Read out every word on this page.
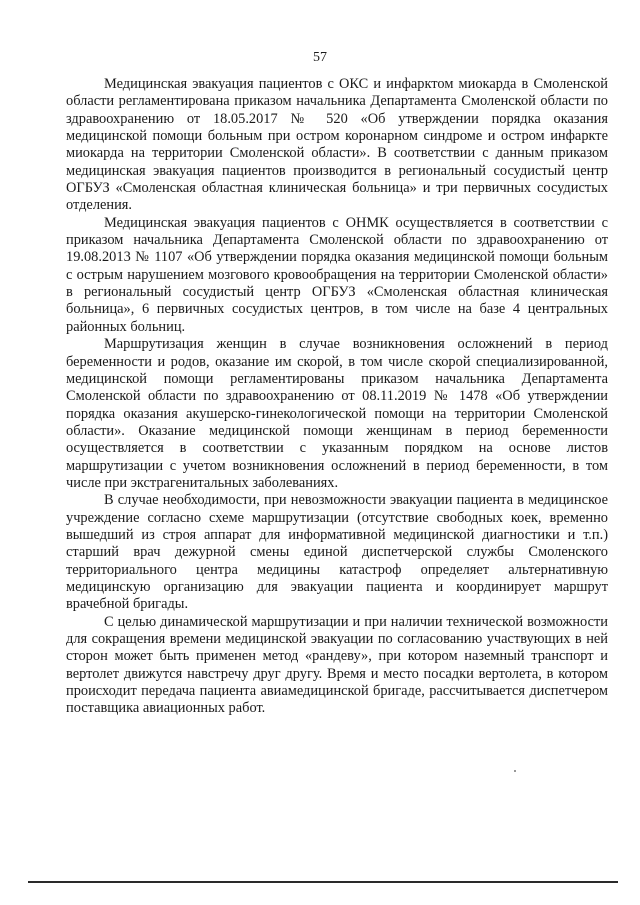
57

Медицинская эвакуация пациентов с ОКС и инфарктом миокарда в Смоленской области регламентирована приказом начальника Департамента Смоленской области по здравоохранению от 18.05.2017 № 520 «Об утверждении порядка оказания медицинской помощи больным при остром коронарном синдроме и остром инфаркте миокарда на территории Смоленской области». В соответствии с данным приказом медицинская эвакуация пациентов производится в региональный сосудистый центр ОГБУЗ «Смоленская областная клиническая больница» и три первичных сосудистых отделения.

Медицинская эвакуация пациентов с ОНМК осуществляется в соответствии с приказом начальника Департамента Смоленской области по здравоохранению от 19.08.2013 № 1107 «Об утверждении порядка оказания медицинской помощи больным с острым нарушением мозгового кровообращения на территории Смоленской области» в региональный сосудистый центр ОГБУЗ «Смоленская областная клиническая больница», 6 первичных сосудистых центров, в том числе на базе 4 центральных районных больниц.

Маршрутизация женщин в случае возникновения осложнений в период беременности и родов, оказание им скорой, в том числе скорой специализированной, медицинской помощи регламентированы приказом начальника Департамента Смоленской области по здравоохранению от 08.11.2019 № 1478 «Об утверждении порядка оказания акушерско-гинекологической помощи на территории Смоленской области». Оказание медицинской помощи женщинам в период беременности осуществляется в соответствии с указанным порядком на основе листов маршрутизации с учетом возникновения осложнений в период беременности, в том числе при экстрагенитальных заболеваниях.

В случае необходимости, при невозможности эвакуации пациента в медицинское учреждение согласно схеме маршрутизации (отсутствие свободных коек, временно вышедший из строя аппарат для информативной медицинской диагностики и т.п.) старший врач дежурной смены единой диспетчерской службы Смоленского территориального центра медицины катастроф определяет альтернативную медицинскую организацию для эвакуации пациента и координирует маршрут врачебной бригады.

С целью динамической маршрутизации и при наличии технической возможности для сокращения времени медицинской эвакуации по согласованию участвующих в ней сторон может быть применен метод «рандеву», при котором наземный транспорт и вертолет движутся навстречу друг другу. Время и место посадки вертолета, в котором происходит передача пациента авиамедицинской бригаде, рассчитывается диспетчером поставщика авиационных работ.
